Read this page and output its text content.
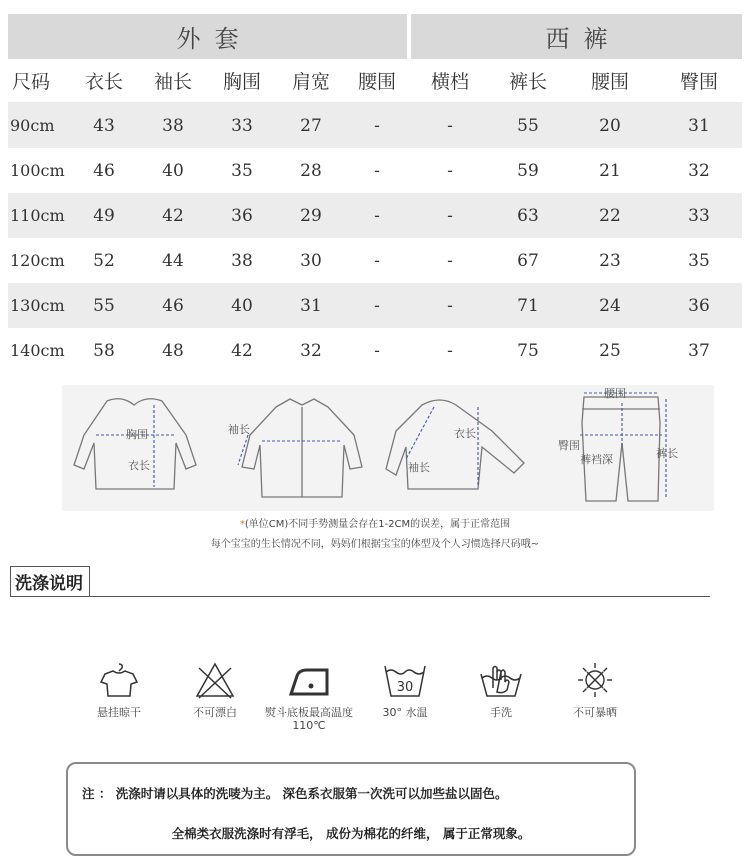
外套	西裤
尺码	衣长	袖长	胸围	肩宽	腰围	横档	裤长	腰围	臀围
90cm	43	38	33	27	-	-	55	20	31
100cm	46	40	35	28	-	-	59	21	32
110cm	49	42	36	29	-	-	63	22	33
120cm	52	44	38	30	-	-	67	23	35
130cm	55	46	40	31	-	-	71	24	36
140cm	58	48	42	32	-	-	75	25	37
胸围
衣长
袖长	衣长
袖长
腰围
臀围
裤长
裤裆深
*(单位CM)不同手势测量会存在1-2CM的误差，属于正常范围
每个宝宝的生长情况不同，妈妈们根据宝宝的体型及个人习惯选择尺码哦~
洗涤说明
悬挂晾干	不可漂白	熨斗底板最高温度110℃
30
30° 水温	手洗	不可暴晒

注 ： 洗涤时请以具体的洗唛为主。 深色系衣服第一次洗可以加些盐以固色。

全棉类衣服洗涤时有浮毛， 成份为棉花的纤维， 属于正常现象。
